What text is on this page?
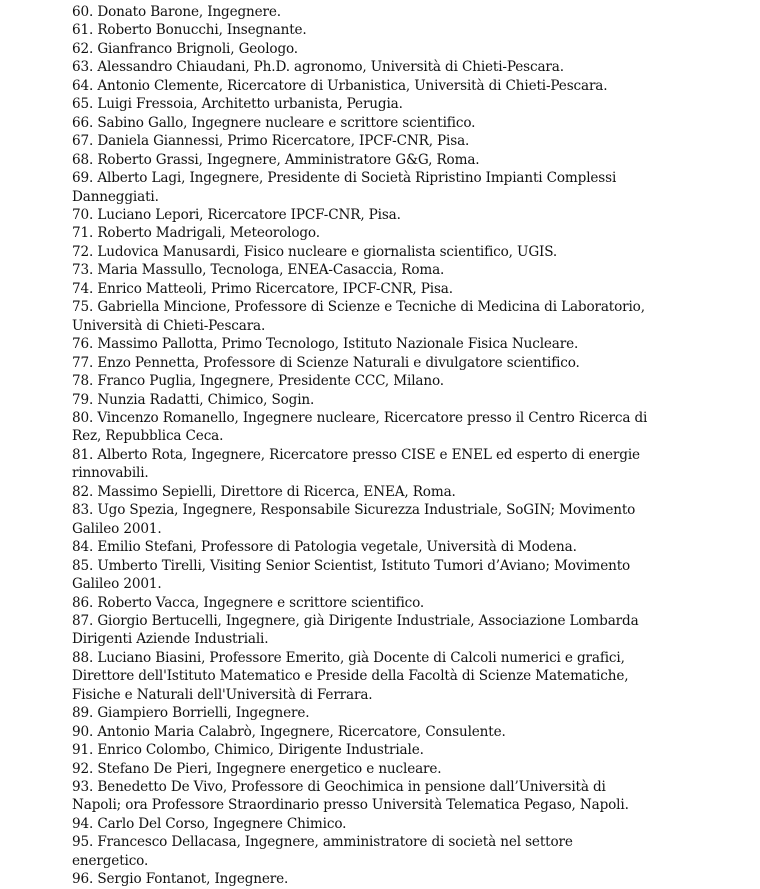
60. Donato Barone, Ingegnere.
61. Roberto Bonucchi, Insegnante.
62. Gianfranco Brignoli, Geologo.
63. Alessandro Chiaudani, Ph.D. agronomo, Università di Chieti-Pescara.
64. Antonio Clemente, Ricercatore di Urbanistica, Università di Chieti-Pescara.
65. Luigi Fressoia, Architetto urbanista, Perugia.
66. Sabino Gallo, Ingegnere nucleare e scrittore scientifico.
67. Daniela Giannessi, Primo Ricercatore, IPCF-CNR, Pisa.
68. Roberto Grassi, Ingegnere, Amministratore G&G, Roma.
69. Alberto Lagi, Ingegnere, Presidente di Società Ripristino Impianti Complessi Danneggiati.
70. Luciano Lepori, Ricercatore IPCF-CNR, Pisa.
71. Roberto Madrigali, Meteorologo.
72. Ludovica Manusardi, Fisico nucleare e giornalista scientifico, UGIS.
73. Maria Massullo, Tecnologa, ENEA-Casaccia, Roma.
74. Enrico Matteoli, Primo Ricercatore, IPCF-CNR, Pisa.
75. Gabriella Mincione, Professore di Scienze e Tecniche di Medicina di Laboratorio, Università di Chieti-Pescara.
76. Massimo Pallotta, Primo Tecnologo, Istituto Nazionale Fisica Nucleare.
77. Enzo Pennetta, Professore di Scienze Naturali e divulgatore scientifico.
78. Franco Puglia, Ingegnere, Presidente CCC, Milano.
79. Nunzia Radatti, Chimico, Sogin.
80. Vincenzo Romanello, Ingegnere nucleare, Ricercatore presso il Centro Ricerca di Rez, Repubblica Ceca.
81. Alberto Rota, Ingegnere, Ricercatore presso CISE e ENEL ed esperto di energie rinnovabili.
82. Massimo Sepielli, Direttore di Ricerca, ENEA, Roma.
83. Ugo Spezia, Ingegnere, Responsabile Sicurezza Industriale, SoGIN; Movimento Galileo 2001.
84. Emilio Stefani, Professore di Patologia vegetale, Università di Modena.
85. Umberto Tirelli, Visiting Senior Scientist, Istituto Tumori d’Aviano; Movimento Galileo 2001.
86. Roberto Vacca, Ingegnere e scrittore scientifico.
87. Giorgio Bertucelli, Ingegnere, già Dirigente Industriale, Associazione Lombarda Dirigenti Aziende Industriali.
88. Luciano Biasini, Professore Emerito, già Docente di Calcoli numerici e grafici, Direttore dell'Istituto Matematico e Preside della Facoltà di Scienze Matematiche, Fisiche e Naturali dell'Università di Ferrara.
89. Giampiero Borrielli, Ingegnere.
90. Antonio Maria Calabrò, Ingegnere, Ricercatore, Consulente.
91. Enrico Colombo, Chimico, Dirigente Industriale.
92. Stefano De Pieri, Ingegnere energetico e nucleare.
93. Benedetto De Vivo, Professore di Geochimica in pensione dall’Università di Napoli; ora Professore Straordinario presso Università Telematica Pegaso, Napoli.
94. Carlo Del Corso, Ingegnere Chimico.
95. Francesco Dellacasa, Ingegnere, amministratore di società nel settore energetico.
96. Sergio Fontanot, Ingegnere.
